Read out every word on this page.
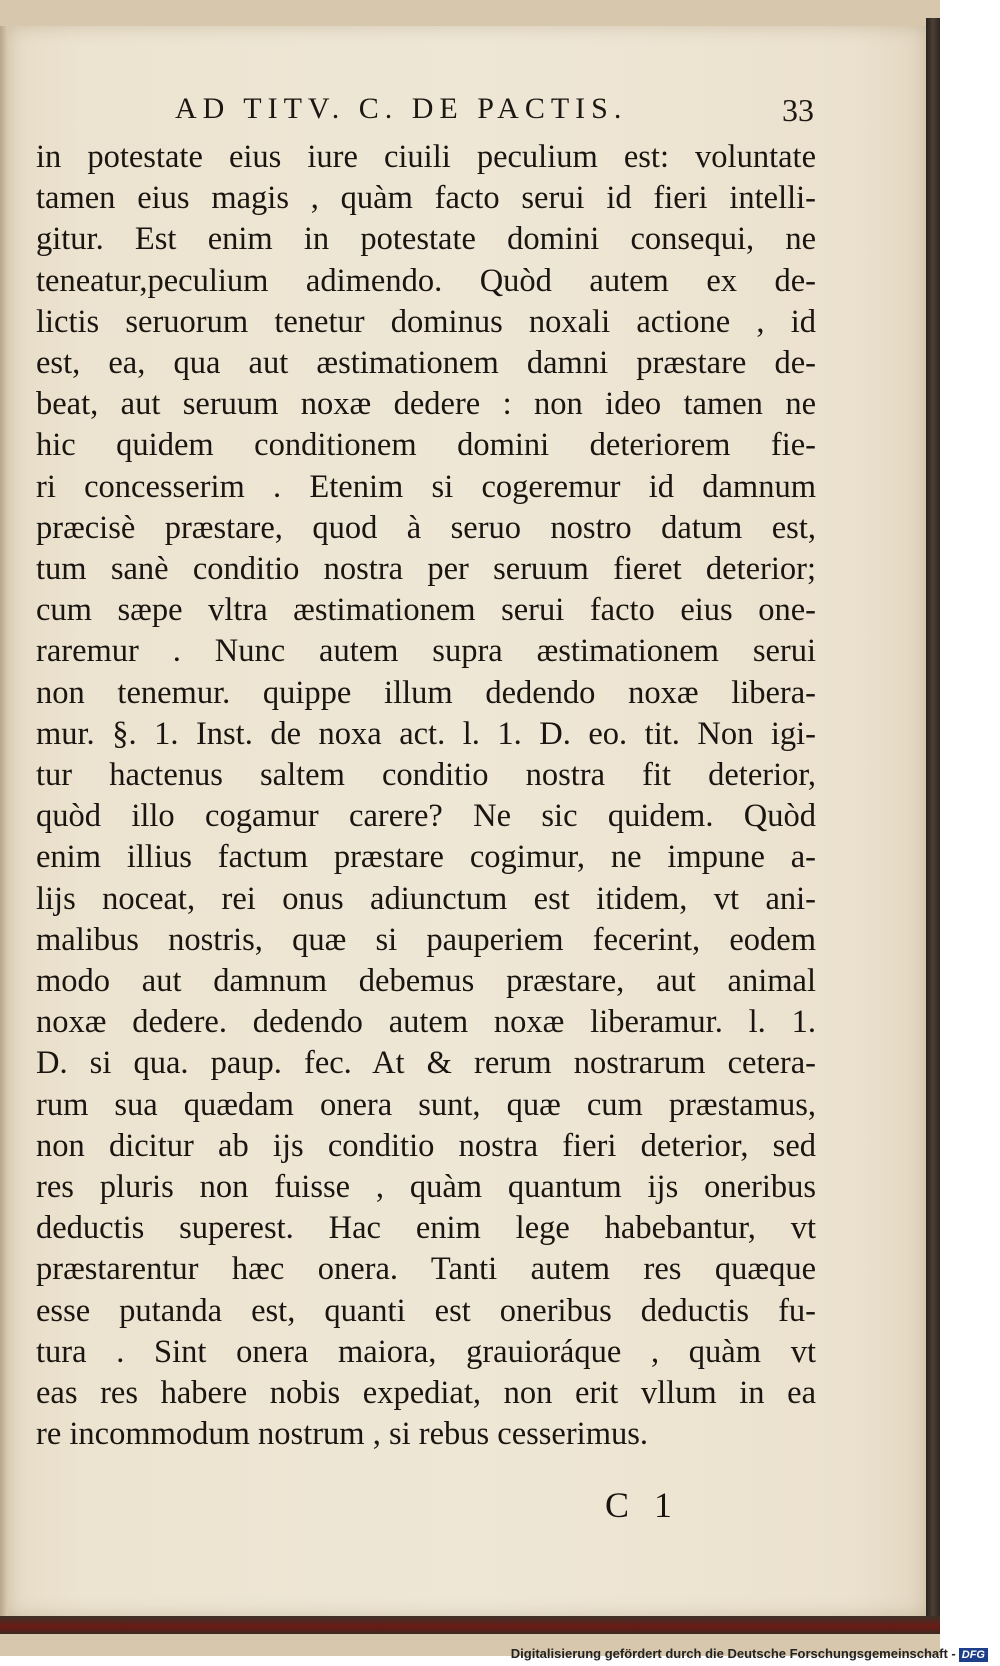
AD TITV. C. DE PACTIS.	33
in potestate eius iure ciuili peculium est: voluntate
tamen eius magis , quàm facto serui id fieri intelli-
gitur. Est enim in potestate domini consequi, ne
teneatur,peculium adimendo. Quòd autem ex de-
lictis seruorum tenetur dominus noxali actione , id
est, ea, qua aut æstimationem damni præstare de-
beat, aut seruum noxæ dedere : non ideo tamen ne
hic quidem conditionem domini deteriorem fie-
ri concesserim . Etenim si cogeremur id damnum
præcisè præstare, quod à seruo nostro datum est,
tum sanè conditio nostra per seruum fieret deterior;
cum sæpe vltra æstimationem serui facto eius one-
raremur . Nunc autem supra æstimationem serui
non tenemur. quippe illum dedendo noxæ libera-
mur. §. 1. Inst. de noxa act. l. 1. D. eo. tit. Non igi-
tur hactenus saltem conditio nostra fit deterior,
quòd illo cogamur carere? Ne sic quidem. Quòd
enim illius factum præstare cogimur, ne impune a-
lijs noceat, rei onus adiunctum est itidem, vt ani-
malibus nostris, quæ si pauperiem fecerint, eodem
modo aut damnum debemus præstare, aut animal
noxæ dedere. dedendo autem noxæ liberamur. l. 1.
D. si qua. paup. fec. At & rerum nostrarum cetera-
rum sua quædam onera sunt, quæ cum præstamus,
non dicitur ab ijs conditio nostra fieri deterior, sed
res pluris non fuisse , quàm quantum ijs oneribus
deductis superest. Hac enim lege habebantur, vt
præstarentur hæc onera. Tanti autem res quæque
esse putanda est, quanti est oneribus deductis fu-
tura . Sint onera maiora, grauioráque , quàm vt
eas res habere nobis expediat, non erit vllum in ea
re incommodum nostrum , si rebus cesserimus.
C 1
Digitalisierung gefördert durch die Deutsche Forschungsgemeinschaft - DFG
